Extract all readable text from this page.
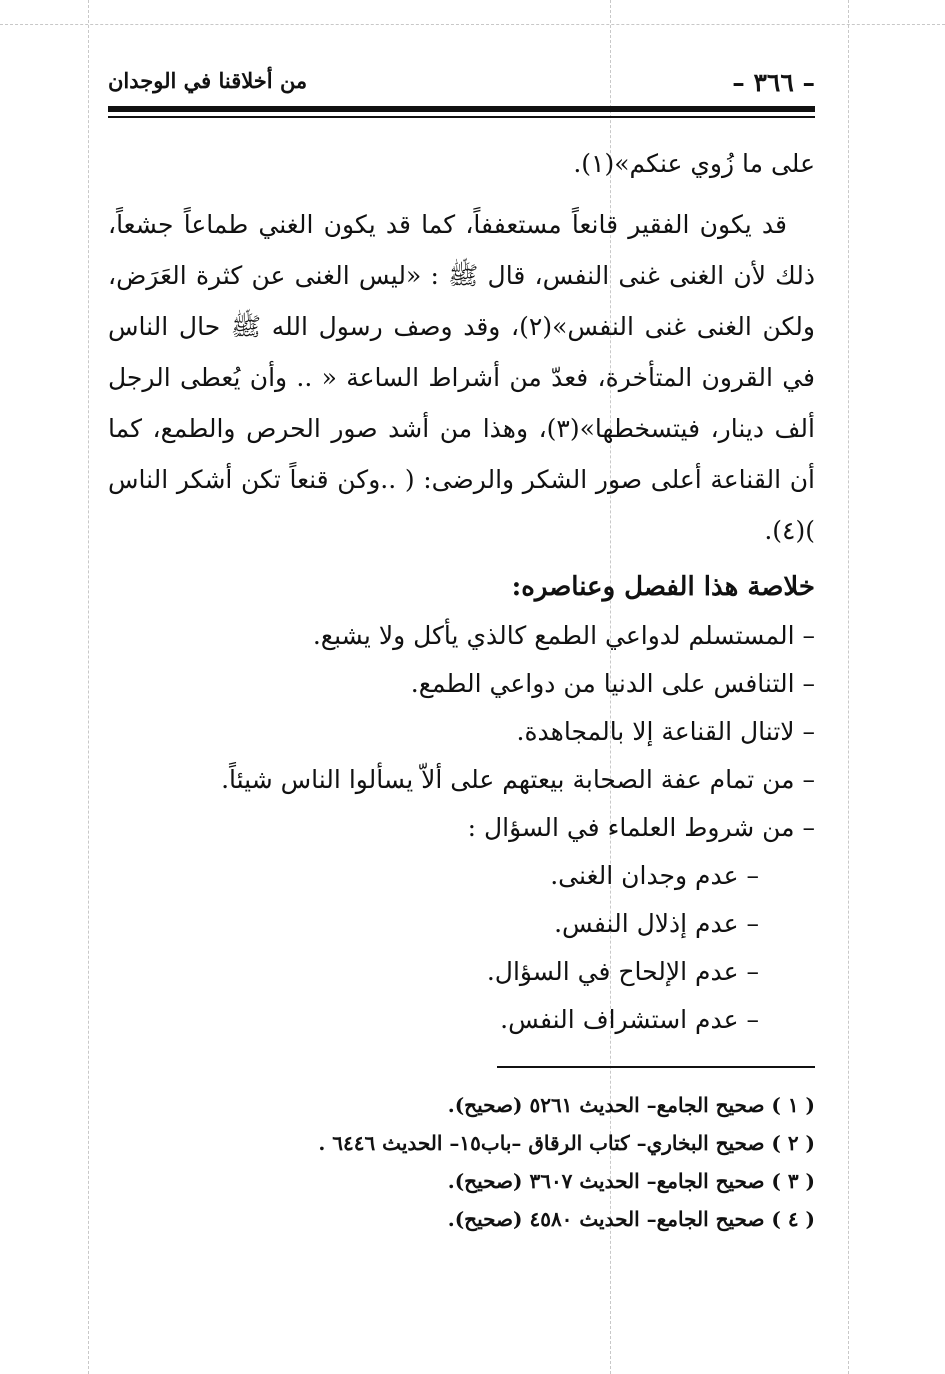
– ٣٦٦ –
من أخلاقنا في الوجدان

على ما زُوي عنكم»(١).

قد يكون الفقير قانعاً مستعففاً، كما قد يكون الغني طماعاً جشعاً، ذلك لأن الغنى غنى النفس، قال ﷺ : «ليس الغنى عن كثرة العَرَض، ولكن الغنى غنى النفس»(٢)، وقد وصف رسول الله ﷺ حال الناس في القرون المتأخرة، فعدّ من أشراط الساعة « .. وأن يُعطى الرجل ألف دينار، فيتسخطها»(٣)، وهذا من أشد صور الحرص والطمع، كما أن القناعة أعلى صور الشكر والرضى: ( ..وكن قنعاً تكن أشكر الناس )(٤).

خلاصة هذا الفصل وعناصره:
– المستسلم لدواعي الطمع كالذي يأكل ولا يشبع.
– التنافس على الدنيا من دواعي الطمع.
– لاتنال القناعة إلا بالمجاهدة.
– من تمام عفة الصحابة بيعتهم على ألاّ يسألوا الناس شيئاً.
– من شروط العلماء في السؤال :
– عدم وجدان الغنى.
– عدم إذلال النفس.
– عدم الإلحاح في السؤال.
– عدم استشراف النفس.
( ١ ) صحيح الجامع– الحديث ٥٢٦١ (صحيح).
( ٢ ) صحيح البخاري– كتاب الرقاق –باب١٥– الحديث ٦٤٤٦ .
( ٣ ) صحيح الجامع– الحديث ٣٦٠٧ (صحيح).
( ٤ ) صحيح الجامع– الحديث ٤٥٨٠ (صحيح).
